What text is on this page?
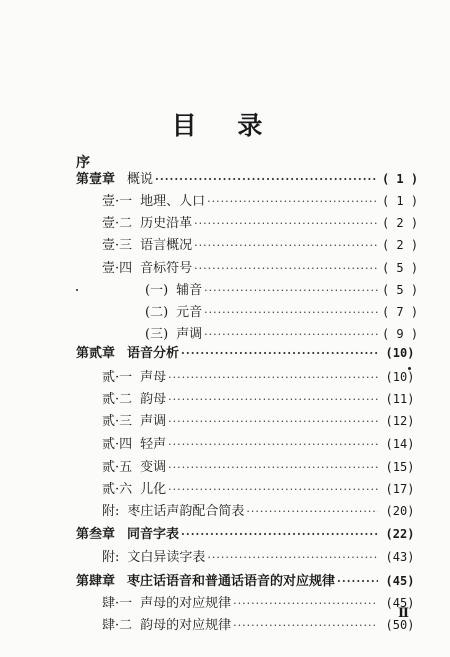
目 录
序
第壹章 概说 ·····	( 1 )
壹·一 地理、人口 ·····	( 1 )
壹·二 历史沿革 ·····	( 2 )
壹·三 语言概况 ·····	( 2 )
壹·四 音标符号 ·····	( 5 )
(一) 辅音 ·····	( 5 )
(二) 元音 ·····	( 7 )
(三) 声调 ·····	( 9 )
第贰章 语音分析 ·····	(10)
贰·一 声母 ·····	(10)
贰·二 韵母 ·····	(11)
贰·三 声调 ·····	(12)
贰·四 轻声 ·····	(14)
贰·五 变调 ·····	(15)
贰·六 儿化 ·····	(17)
附: 枣庄话声韵配合简表 ·····	(20)
第叁章 同音字表 ·····	(22)
附: 文白异读字表 ·····	(43)
第肆章 枣庄话语音和普通话语音的对应规律 ·····	(45)
肆·一 声母的对应规律 ·····	(45)
肆·二 韵母的对应规律 ·····	(50)
Ⅱ
